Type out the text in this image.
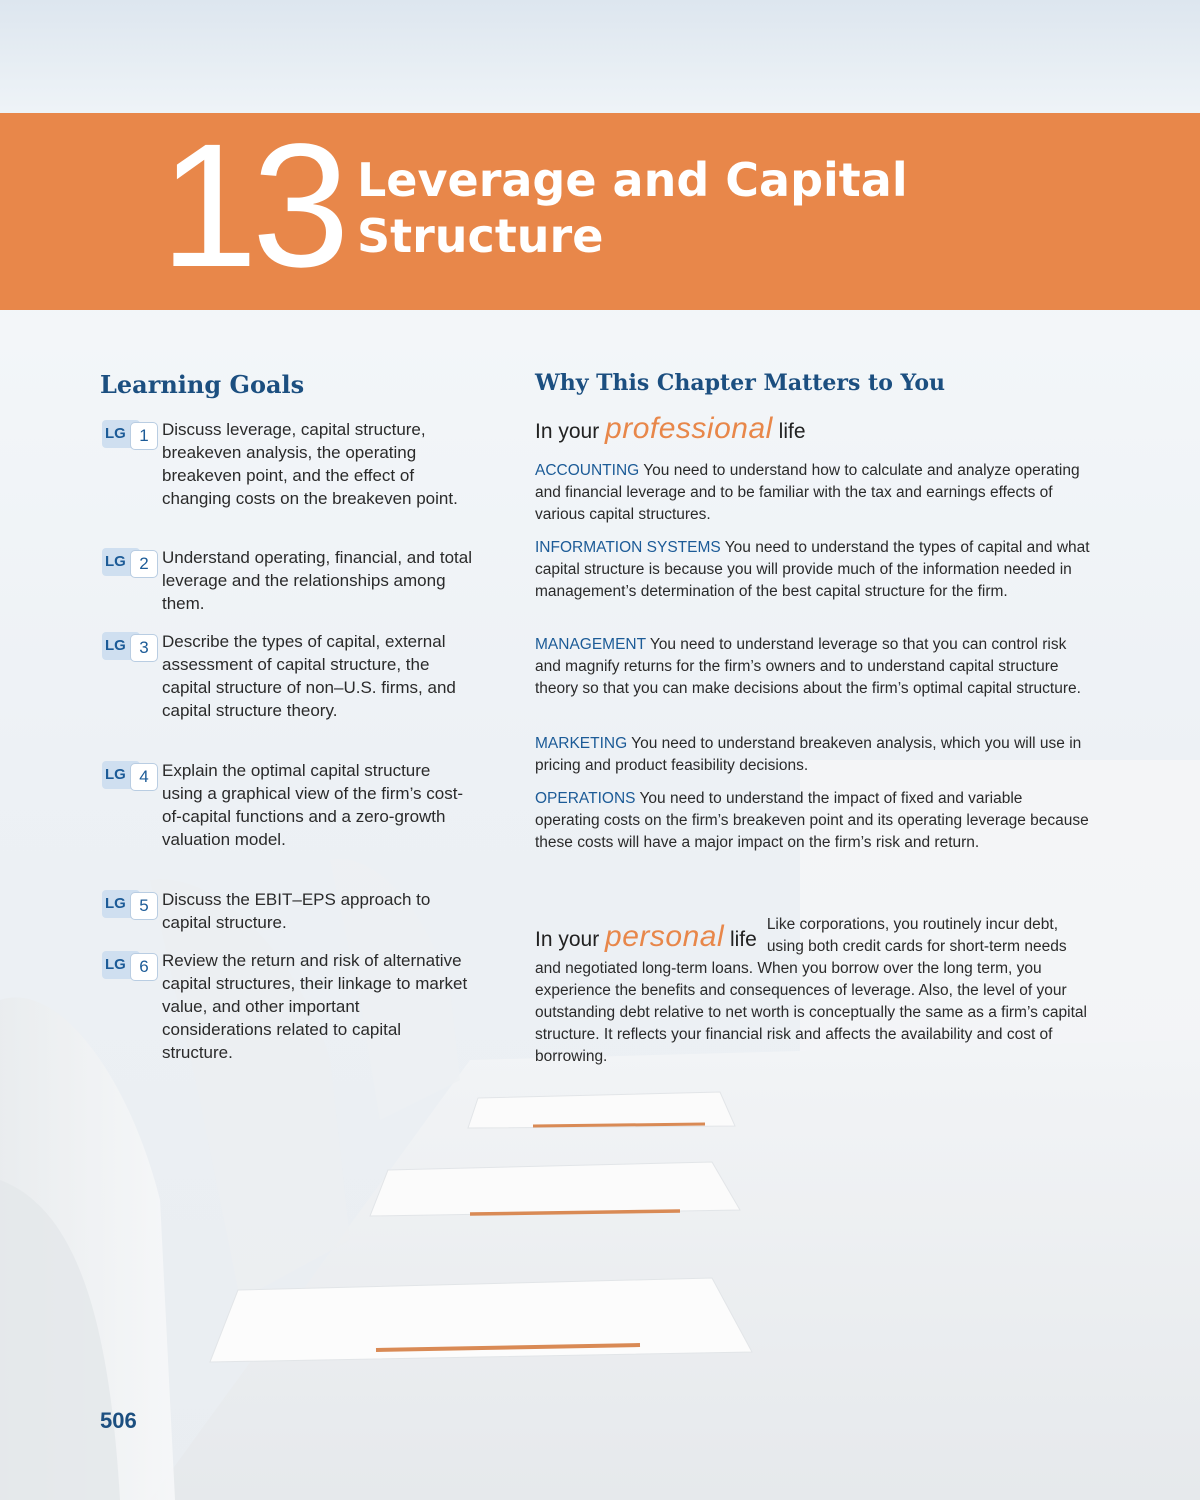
13 Leverage and Capital Structure
Learning Goals
LG 1 Discuss leverage, capital structure, breakeven analysis, the operating breakeven point, and the effect of changing costs on the breakeven point.
LG 2 Understand operating, financial, and total leverage and the relationships among them.
LG 3 Describe the types of capital, external assessment of capital structure, the capital structure of non–U.S. firms, and capital structure theory.
LG 4 Explain the optimal capital structure using a graphical view of the firm’s cost-of-capital functions and a zero-growth valuation model.
LG 5 Discuss the EBIT–EPS approach to capital structure.
LG 6 Review the return and risk of alternative capital structures, their linkage to market value, and other important considerations related to capital structure.
Why This Chapter Matters to You
In your professional life
ACCOUNTING You need to understand how to calculate and analyze operating and financial leverage and to be familiar with the tax and earnings effects of various capital structures.
INFORMATION SYSTEMS You need to understand the types of capital and what capital structure is because you will provide much of the information needed in management’s determination of the best capital structure for the firm.
MANAGEMENT You need to understand leverage so that you can control risk and magnify returns for the firm’s owners and to understand capital structure theory so that you can make decisions about the firm’s optimal capital structure.
MARKETING You need to understand breakeven analysis, which you will use in pricing and product feasibility decisions.
OPERATIONS You need to understand the impact of fixed and variable operating costs on the firm’s breakeven point and its operating leverage because these costs will have a major impact on the firm’s risk and return.
In your personal life
Like corporations, you routinely incur debt, using both credit cards for short-term needs and negotiated long-term loans. When you borrow over the long term, you experience the benefits and consequences of leverage. Also, the level of your outstanding debt relative to net worth is conceptually the same as a firm’s capital structure. It reflects your financial risk and affects the availability and cost of borrowing.
506
